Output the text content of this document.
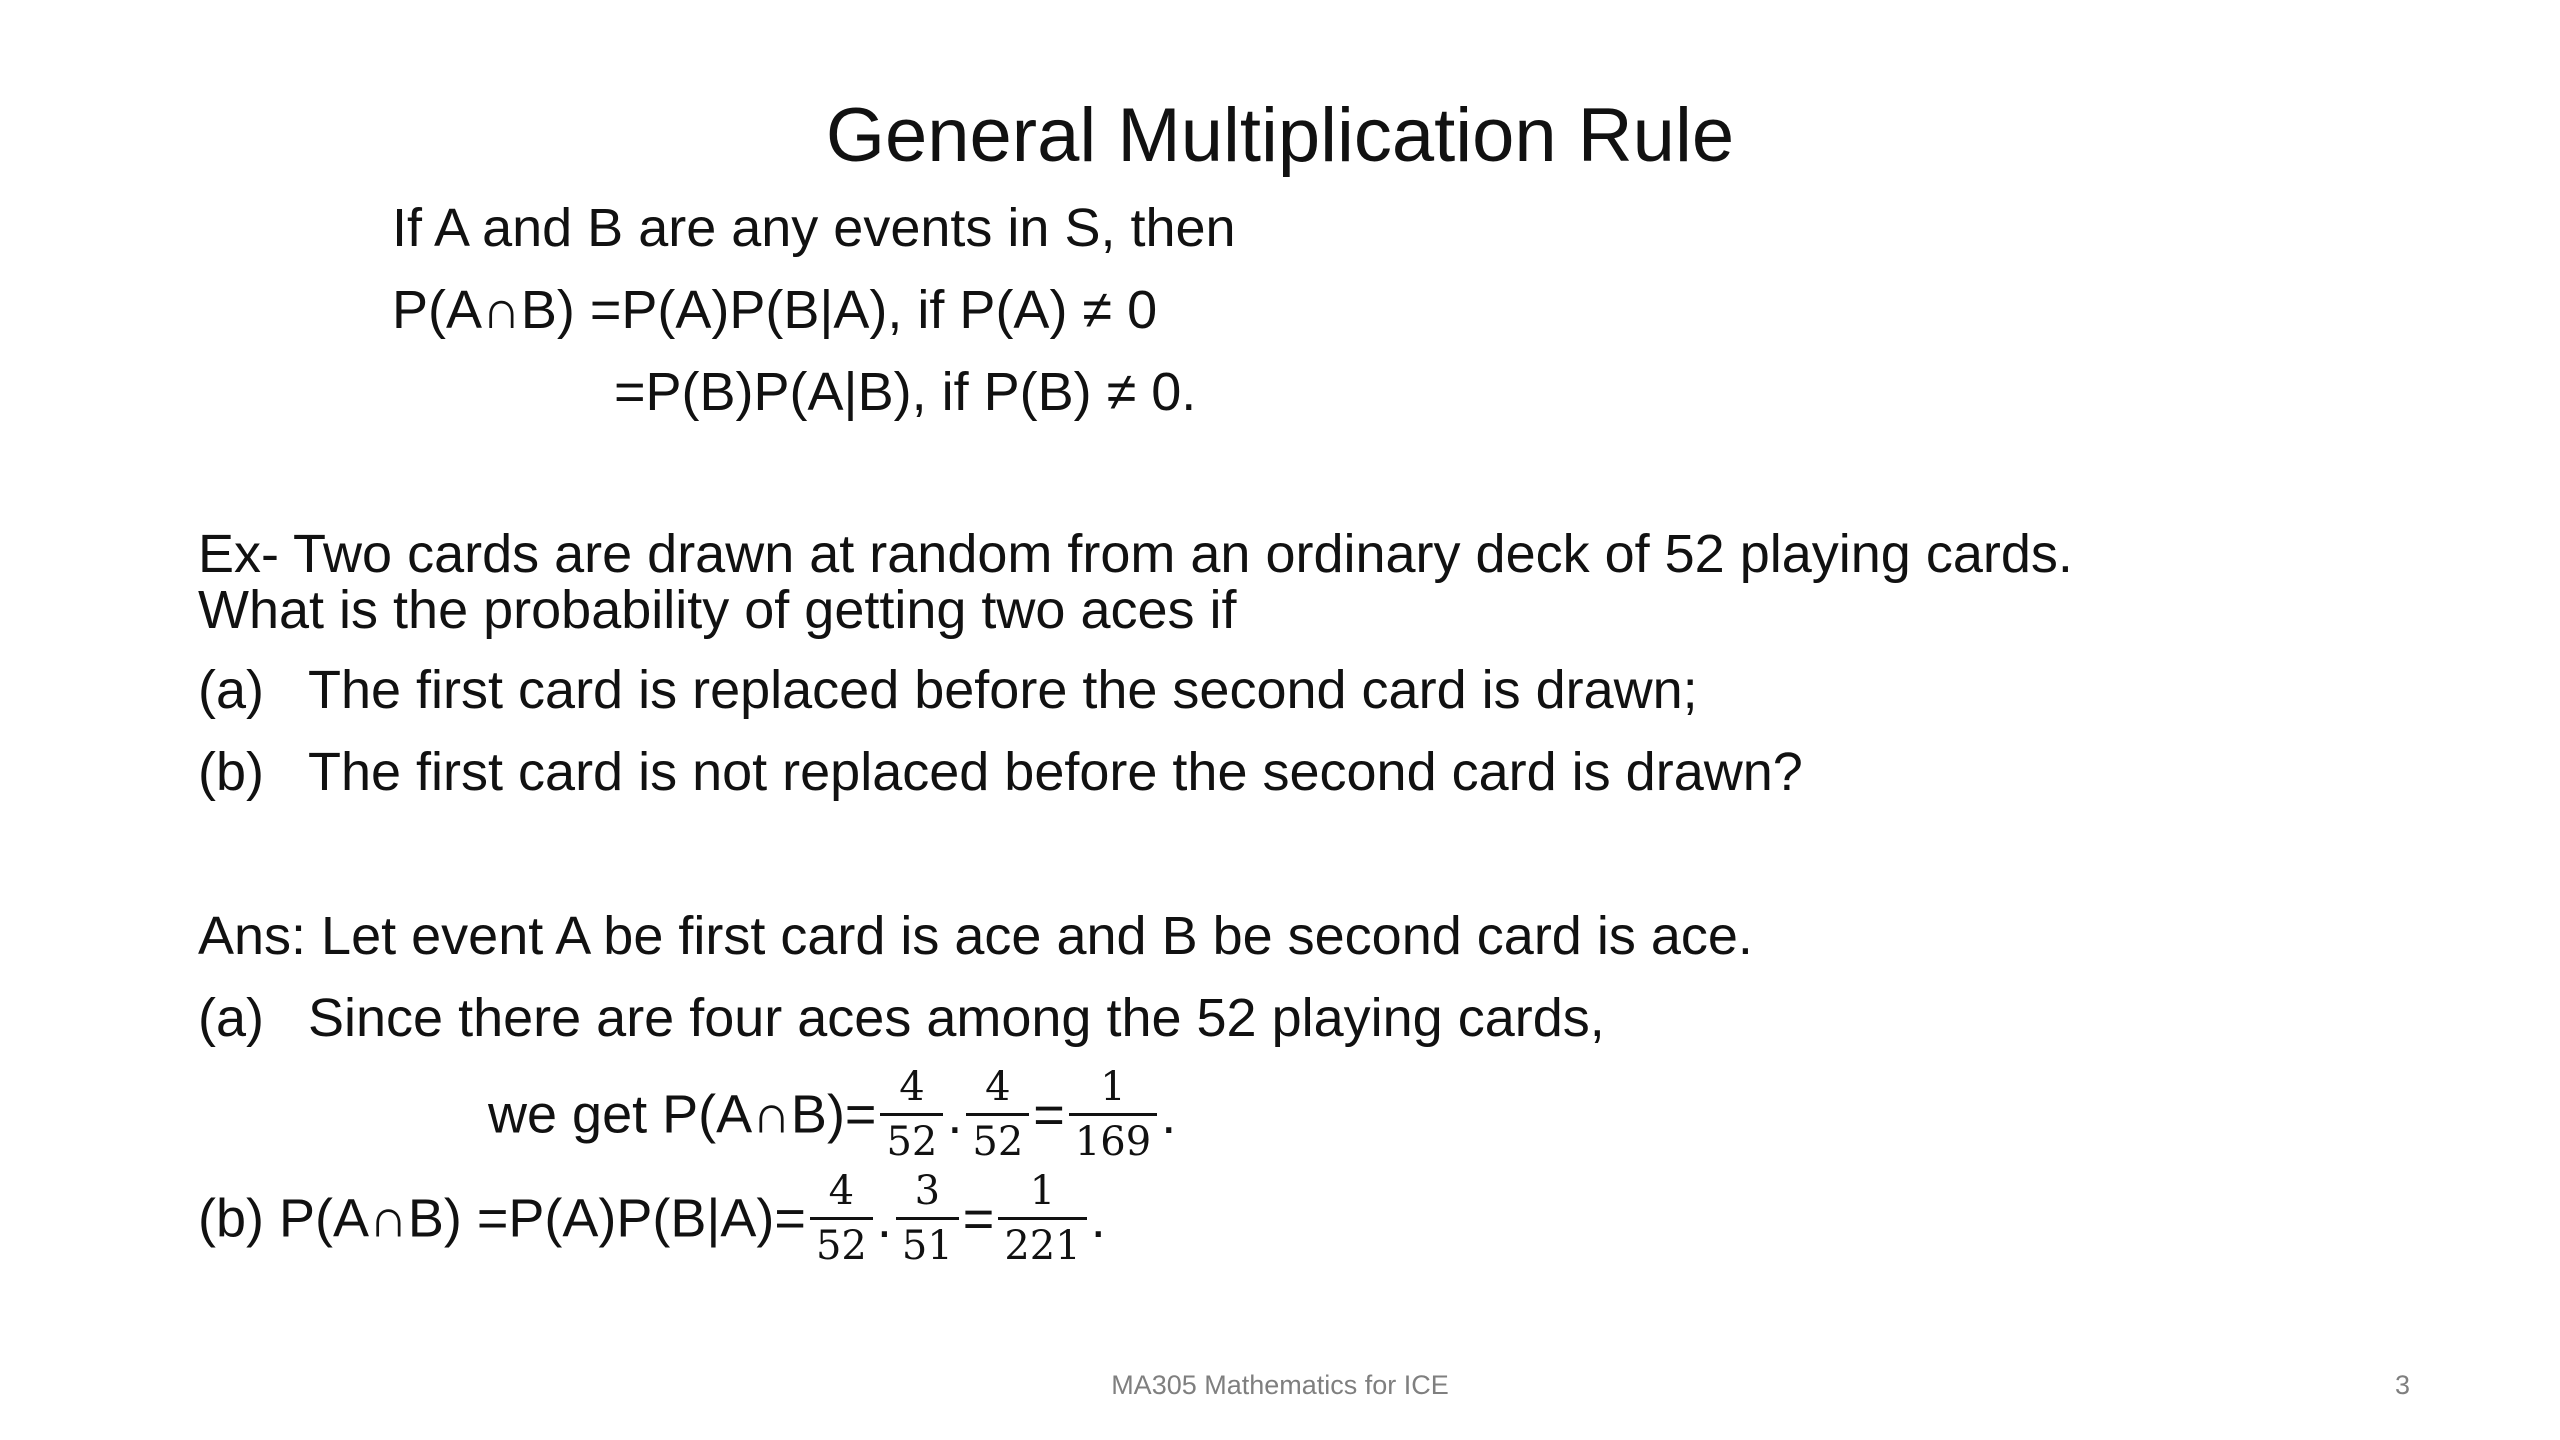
General Multiplication Rule
If A and B are any events in S, then
P(A∩B) =P(A)P(B|A), if P(A) ≠ 0
=P(B)P(A|B), if P(B) ≠ 0.
Ex- Two cards are drawn at random from an ordinary deck of 52 playing cards.
What is the probability of getting two aces if
(a) The first card is replaced before the second card is drawn;
(b) The first card is not replaced before the second card is drawn?
Ans: Let event A be first card is ace and B be second card is ace.
(a) Since there are four aces among the 52 playing cards,
we get P(A∩B)= $\frac{4}{52}$ . $\frac{4}{52} = \frac{1}{169}$ .
(b) P(A∩B) $=P(A)P(B|A)= \frac{4}{52}$ . $\frac{3}{51} = \frac{1}{221}$ .
MA305 Mathematics for ICE	3
